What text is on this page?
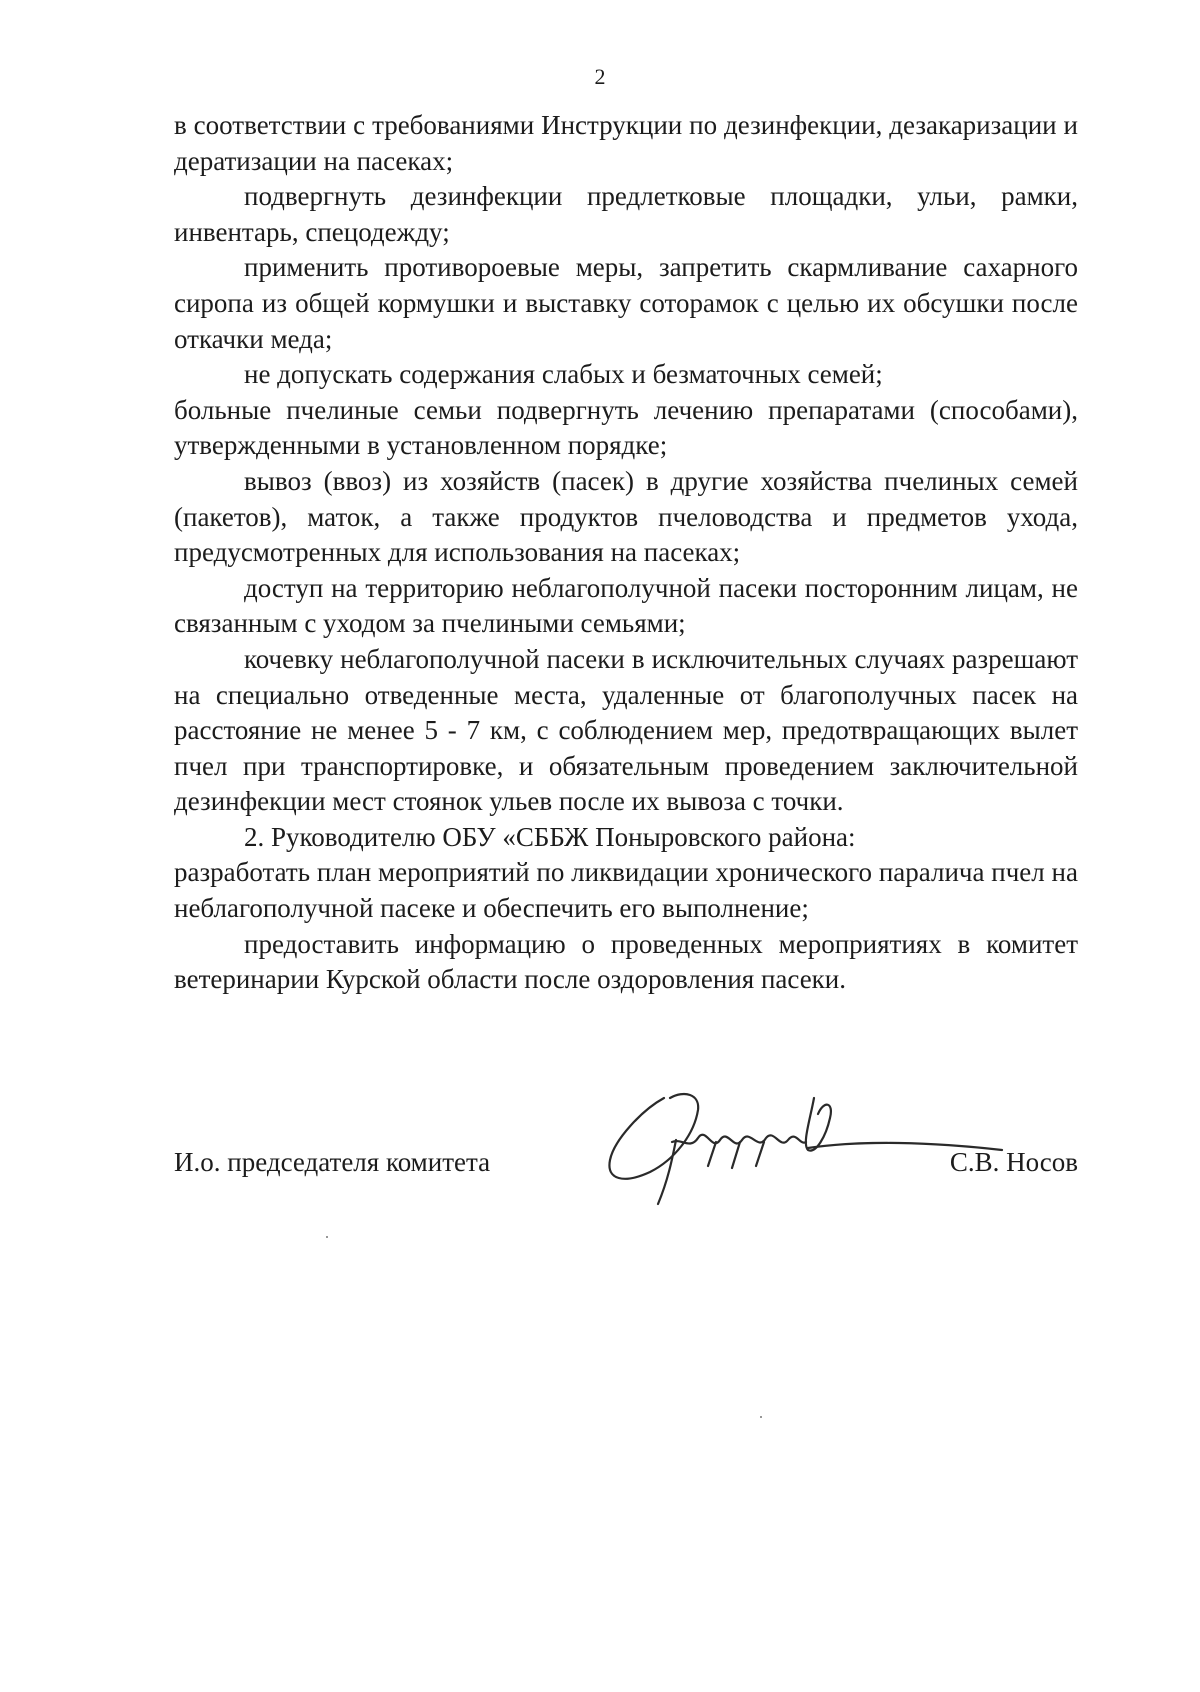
2

в соответствии с требованиями Инструкции по дезинфекции, дезакаризации и дератизации на пасеках;

подвергнуть дезинфекции предлетковые площадки, ульи, рамки, инвентарь, спецодежду;

применить противороевые меры, запретить скармливание сахарного сиропа из общей кормушки и выставку соторамок с целью их обсушки после откачки меда;

не допускать содержания слабых и безматочных семей;

больные пчелиные семьи подвергнуть лечению препаратами (способами), утвержденными в установленном порядке;

вывоз (ввоз) из хозяйств (пасек) в другие хозяйства пчелиных семей (пакетов), маток, а также продуктов пчеловодства и предметов ухода, предусмотренных для использования на пасеках;

доступ на территорию неблагополучной пасеки посторонним лицам, не связанным с уходом за пчелиными семьями;

кочевку неблагополучной пасеки в исключительных случаях разрешают на специально отведенные места, удаленные от благополучных пасек на расстояние не менее 5 - 7 км, с соблюдением мер, предотвращающих вылет пчел при транспортировке, и обязательным проведением заключительной дезинфекции мест стоянок ульев после их вывоза с точки.

2. Руководителю ОБУ «СББЖ Поныровского района:

разработать план мероприятий по ликвидации хронического паралича пчел на неблагополучной пасеке и обеспечить его выполнение;

предоставить информацию о проведенных мероприятиях в комитет ветеринарии Курской области после оздоровления пасеки.

И.о. председателя комитета	С.В. Носов
